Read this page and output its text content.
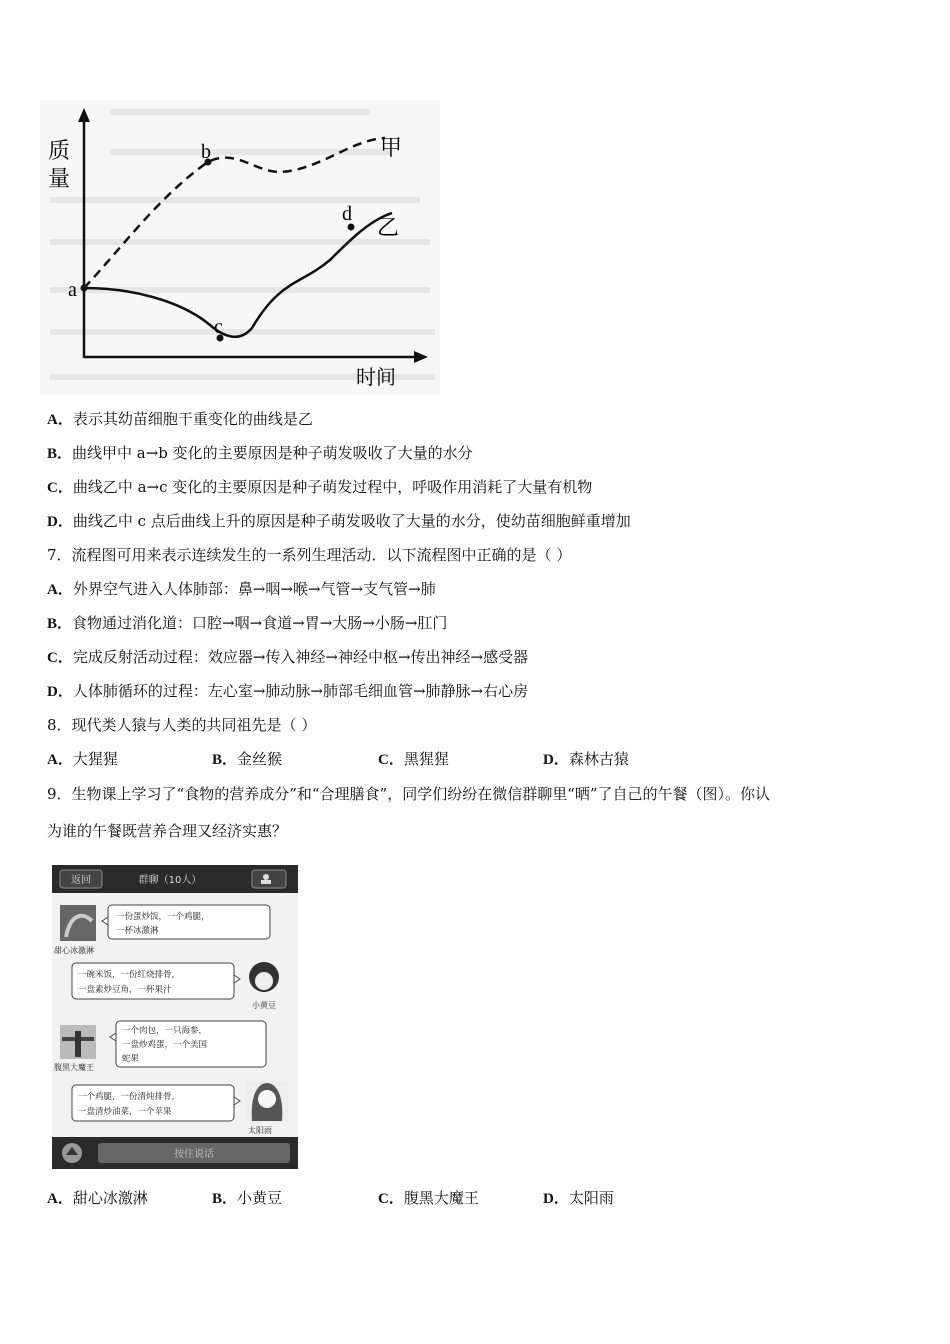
质
量
a
b
c
d
甲
乙
时间
A．表示其幼苗细胞干重变化的曲线是乙
B．曲线甲中 a→b 变化的主要原因是种子萌发吸收了大量的水分
C．曲线乙中 a→c 变化的主要原因是种子萌发过程中，呼吸作用消耗了大量有机物
D．曲线乙中 c 点后曲线上升的原因是种子萌发吸收了大量的水分，使幼苗细胞鲜重增加
7．流程图可用来表示连续发生的一系列生理活动．以下流程图中正确的是（ ）
A．外界空气进入人体肺部：鼻→咽→喉→气管→支气管→肺
B．食物通过消化道：口腔→咽→食道→胃→大肠→小肠→肛门
C．完成反射活动过程：效应器→传入神经→神经中枢→传出神经→感受器
D．人体肺循环的过程：左心室→肺动脉→肺部毛细血管→肺静脉→右心房
8．现代类人猿与人类的共同祖先是（ ）
A．大猩猩	B．金丝猴	C．黑猩猩	D．森林古猿
9．生物课上学习了“食物的营养成分”和“合理膳食”，同学们纷纷在微信群聊里“晒”了自己的午餐（图）。你认
为谁的午餐既营养合理又经济实惠？
返回	群聊（10人）
甜心冰激淋
一份蛋炒饭，一个鸡腿，
一杯冰激淋
一碗米饭，一份红烧排骨，
一盘素炒豆角，一杯果汁
小黄豆
腹黑大魔王
一个肉包，一只海参，
一盘炒鸡蛋，一个美国
蛇果
一个鸡腿，一份清炖排骨，
一盘清炒油菜，一个苹果
太阳雨
按住说话
A．甜心冰激淋	B．小黄豆	C．腹黑大魔王	D．太阳雨
